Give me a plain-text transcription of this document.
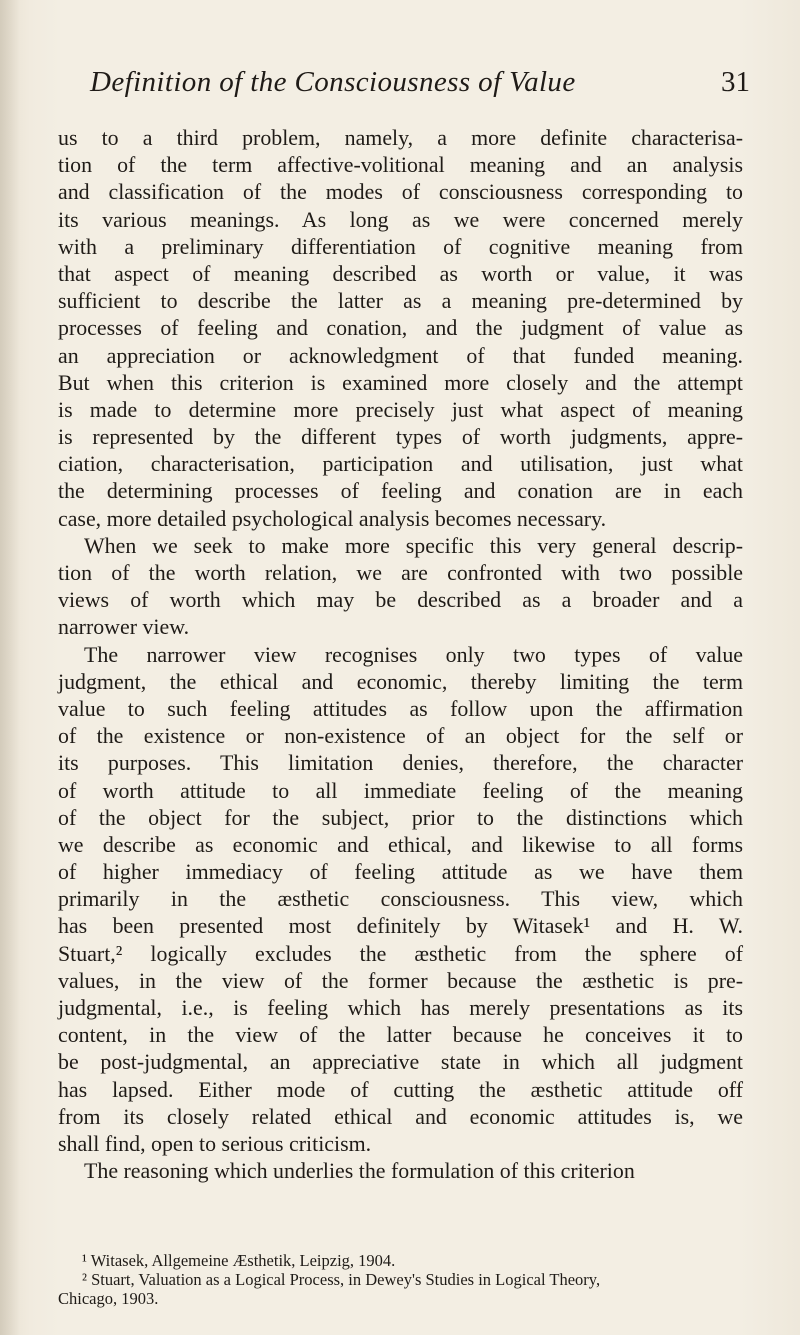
Definition of the Consciousness of Value	31
us to a third problem, namely, a more definite characterisa-
tion of the term affective-volitional meaning and an analysis
and classification of the modes of consciousness corresponding to
its various meanings. As long as we were concerned merely
with a preliminary differentiation of cognitive meaning from
that aspect of meaning described as worth or value, it was
sufficient to describe the latter as a meaning pre-determined by
processes of feeling and conation, and the judgment of value as
an appreciation or acknowledgment of that funded meaning.
But when this criterion is examined more closely and the attempt
is made to determine more precisely just what aspect of meaning
is represented by the different types of worth judgments, appre-
ciation, characterisation, participation and utilisation, just what
the determining processes of feeling and conation are in each
case, more detailed psychological analysis becomes necessary.
When we seek to make more specific this very general descrip-
tion of the worth relation, we are confronted with two possible
views of worth which may be described as a broader and a
narrower view.
The narrower view recognises only two types of value
judgment, the ethical and economic, thereby limiting the term
value to such feeling attitudes as follow upon the affirmation
of the existence or non-existence of an object for the self or
its purposes. This limitation denies, therefore, the character
of worth attitude to all immediate feeling of the meaning
of the object for the subject, prior to the distinctions which
we describe as economic and ethical, and likewise to all forms
of higher immediacy of feeling attitude as we have them
primarily in the æsthetic consciousness. This view, which
has been presented most definitely by Witasek¹ and H. W.
Stuart,² logically excludes the æsthetic from the sphere of
values, in the view of the former because the æsthetic is pre-
judgmental, i.e., is feeling which has merely presentations as its
content, in the view of the latter because he conceives it to
be post-judgmental, an appreciative state in which all judgment
has lapsed. Either mode of cutting the æsthetic attitude off
from its closely related ethical and economic attitudes is, we
shall find, open to serious criticism.
The reasoning which underlies the formulation of this criterion
¹ Witasek, Allgemeine Æsthetik, Leipzig, 1904.
² Stuart, Valuation as a Logical Process, in Dewey's Studies in Logical Theory,
Chicago, 1903.
